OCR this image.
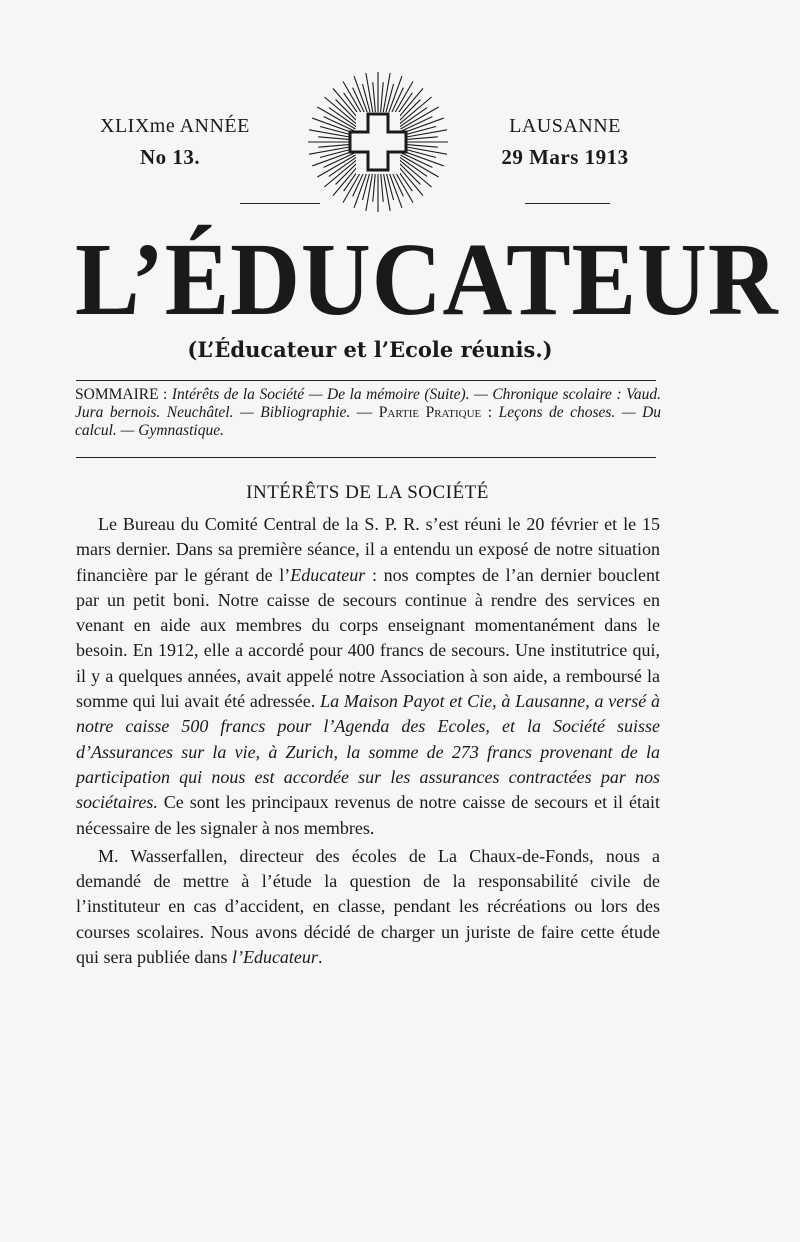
XLIXme ANNÉE
No 13.
LAUSANNE
29 Mars 1913
L’ÉDUCATEUR
(L’Éducateur et l’Ecole réunis.)
SOMMAIRE : Intérêts de la Société — De la mémoire (Suite). — Chronique scolaire : Vaud. Jura bernois. Neuchâtel. — Bibliographie. — Partie Pratique : Leçons de choses. — Du calcul. — Gymnastique.
INTÉRÊTS DE LA SOCIÉTÉ

Le Bureau du Comité Central de la S. P. R. s’est réuni le 20 février et le 15 mars dernier. Dans sa première séance, il a entendu un exposé de notre situation financière par le gérant de l’Educateur : nos comptes de l’an dernier bouclent par un petit boni. Notre caisse de secours continue à rendre des services en venant en aide aux membres du corps enseignant momentanément dans le besoin. En 1912, elle a accordé pour 400 francs de secours. Une institutrice qui, il y a quelques années, avait appelé notre Association à son aide, a remboursé la somme qui lui avait été adressée. La Maison Payot et Cie, à Lausanne, a versé à notre caisse 500 francs pour l’Agenda des Ecoles, et la Société suisse d’Assurances sur la vie, à Zurich, la somme de 273 francs provenant de la participation qui nous est accordée sur les assurances contractées par nos sociétaires. Ce sont les principaux revenus de notre caisse de secours et il était nécessaire de les signaler à nos membres.

M. Wasserfallen, directeur des écoles de La Chaux-de-Fonds, nous a demandé de mettre à l’étude la question de la responsabilité civile de l’instituteur en cas d’accident, en classe, pendant les récréations ou lors des courses scolaires. Nous avons décidé de charger un juriste de faire cette étude qui sera publiée dans l’Educateur.
